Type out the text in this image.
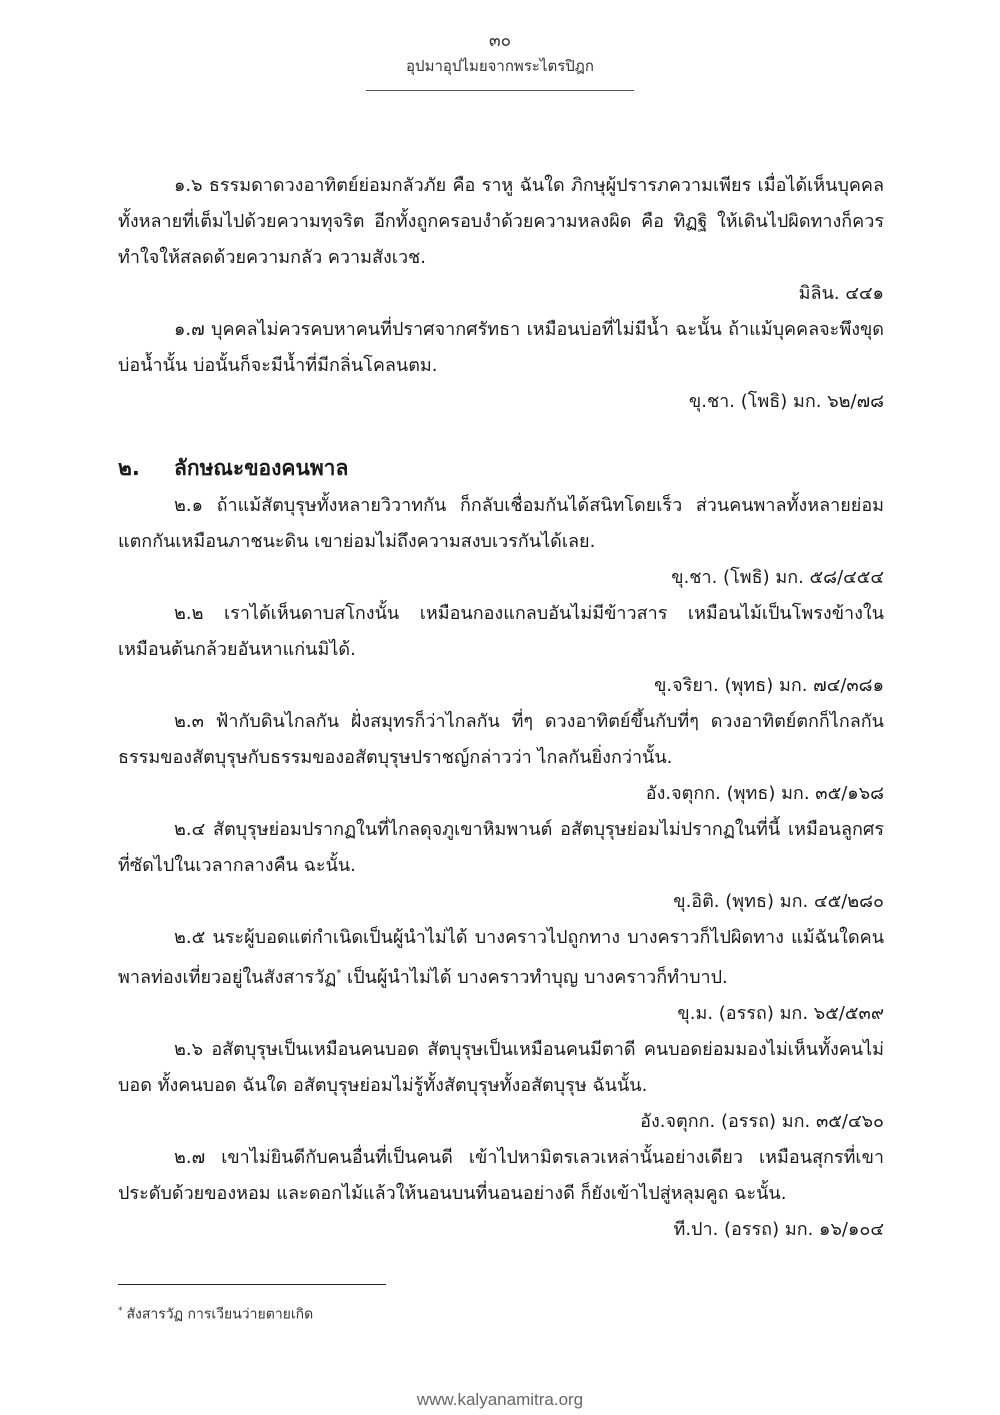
๓๐
อุปมาอุปไมยจากพระไตรปิฎก

๑.๖ ธรรมดาดวงอาทิตย์ย่อมกลัวภัย คือ ราหู ฉันใด ภิกษุผู้ปรารภความเพียร เมื่อได้เห็นบุคคลทั้งหลายที่เต็มไปด้วยความทุจริต อีกทั้งถูกครอบงำด้วยความหลงผิด คือ ทิฏฐิ ให้เดินไปผิดทางก็ควรทำใจให้สลดด้วยความกลัว ความสังเวช.

มิลิน. ๔๔๑

๑.๗ บุคคลไม่ควรคบหาคนที่ปราศจากศรัทธา เหมือนบ่อที่ไม่มีน้ำ ฉะนั้น ถ้าแม้บุคคลจะพึงขุดบ่อน้ำนั้น บ่อนั้นก็จะมีน้ำที่มีกลิ่นโคลนตม.

ขุ.ชา. (โพธิ) มก. ๖๒/๗๘

๒. ลักษณะของคนพาล

๒.๑ ถ้าแม้สัตบุรุษทั้งหลายวิวาทกัน ก็กลับเชื่อมกันได้สนิทโดยเร็ว ส่วนคนพาลทั้งหลายย่อมแตกกันเหมือนภาชนะดิน เขาย่อมไม่ถึงความสงบเวรกันได้เลย.

ขุ.ชา. (โพธิ) มก. ๕๘/๔๕๔

๒.๒ เราได้เห็นดาบสโกงนั้น เหมือนกองแกลบอันไม่มีข้าวสาร เหมือนไม้เป็นโพรงข้างในเหมือนต้นกล้วยอันหาแก่นมิได้.

ขุ.จริยา. (พุทธ) มก. ๗๔/๓๘๑

๒.๓ ฟ้ากับดินไกลกัน ฝั่งสมุทรก็ว่าไกลกัน ที่ๆ ดวงอาทิตย์ขึ้นกับที่ๆ ดวงอาทิตย์ตกก็ไกลกัน ธรรมของสัตบุรุษกับธรรมของอสัตบุรุษปราชญ์กล่าวว่า ไกลกันยิ่งกว่านั้น.

อัง.จตุกก. (พุทธ) มก. ๓๕/๑๖๘

๒.๔ สัตบุรุษย่อมปรากฏในที่ไกลดุจภูเขาหิมพานต์ อสัตบุรุษย่อมไม่ปรากฏในที่นี้ เหมือนลูกศรที่ซัดไปในเวลากลางคืน ฉะนั้น.

ขุ.อิติ. (พุทธ) มก. ๔๕/๒๘๐

๒.๕ นระผู้บอดแต่กำเนิดเป็นผู้นำไม่ได้ บางคราวไปถูกทาง บางคราวก็ไปผิดทาง แม้ฉันใดคนพาลท่องเที่ยวอยู่ในสังสารวัฏ* เป็นผู้นำไม่ได้ บางคราวทำบุญ บางคราวก็ทำบาป.

ขุ.ม. (อรรถ) มก. ๖๕/๕๓๙

๒.๖ อสัตบุรุษเป็นเหมือนคนบอด สัตบุรุษเป็นเหมือนคนมีตาดี คนบอดย่อมมองไม่เห็นทั้งคนไม่บอด ทั้งคนบอด ฉันใด อสัตบุรุษย่อมไม่รู้ทั้งสัตบุรุษทั้งอสัตบุรุษ ฉันนั้น.

อัง.จตุกก. (อรรถ) มก. ๓๕/๔๖๐

๒.๗ เขาไม่ยินดีกับคนอื่นที่เป็นคนดี เข้าไปหามิตรเลวเหล่านั้นอย่างเดียว เหมือนสุกรที่เขาประดับด้วยของหอม และดอกไม้แล้วให้นอนบนที่นอนอย่างดี ก็ยังเข้าไปสู่หลุมคูถ ฉะนั้น.

ที.ปา. (อรรถ) มก. ๑๖/๑๐๔

* สังสารวัฏ การเวียนว่ายตายเกิด
www.kalyanamitra.org
